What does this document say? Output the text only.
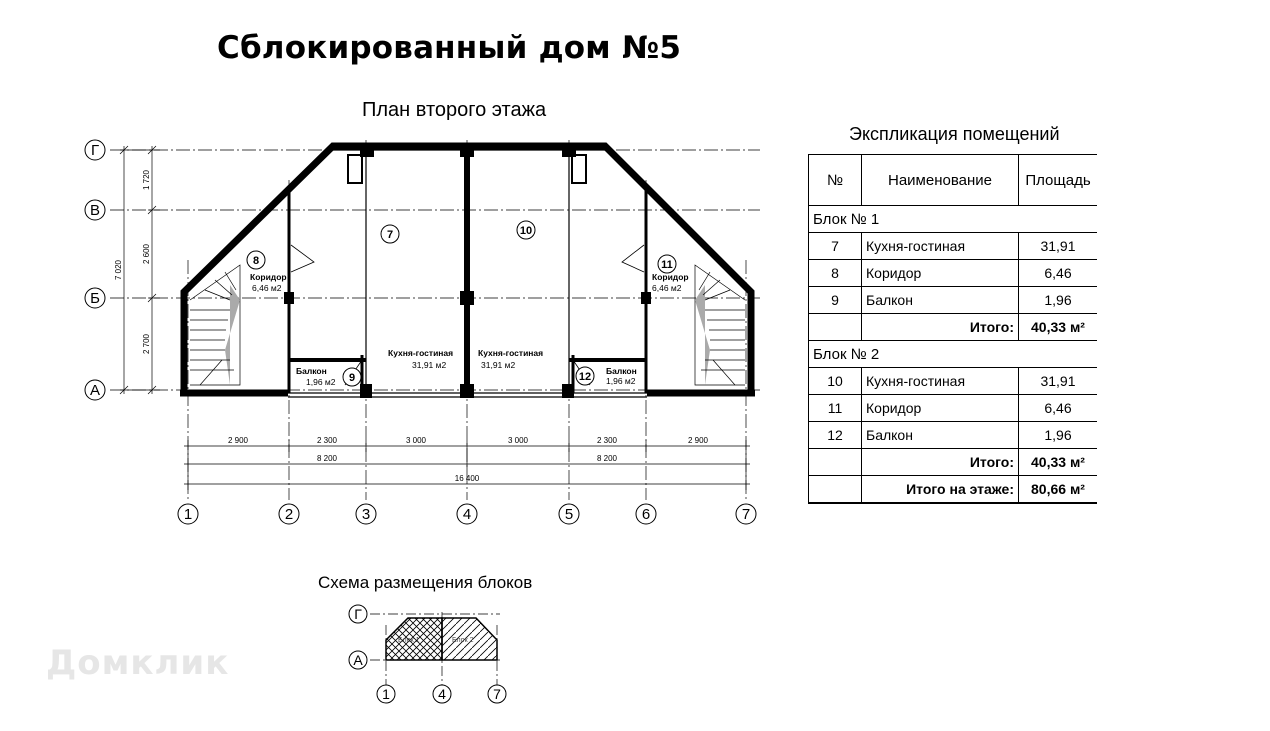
Сблокированный дом №5
План второго этажа
Экспликация помещений
Г
В
Б
А
1 720
2 600
2 700
7 020
7	10
8	11
9	12
Кухня-гостиная
31,91 м2
Кухня-гостиная
31,91 м2
Коридор
6,46 м2
Коридор
6,46 м2
Балкон
1,96 м2
Балкон
1,96 м2
2 900	2 300	3 000	3 000	2 300	2 900
8 200	8 200
16 400
1	2	3	4	5	6	7
Блок 1	Блок 2
Г
А
1	4	7
№	Наименование	Площадь
Блок № 1		
7	Кухня-гостиная	31,91
8	Коридор	6,46
9	Балкон	1,96
	Итого:	40,33 м²
Блок № 2		
10	Кухня-гостиная	31,91
11	Коридор	6,46
12	Балкон	1,96
	Итого:	40,33 м²
	Итого на этаже:	80,66 м²
Схема размещения блоков
Домклик
